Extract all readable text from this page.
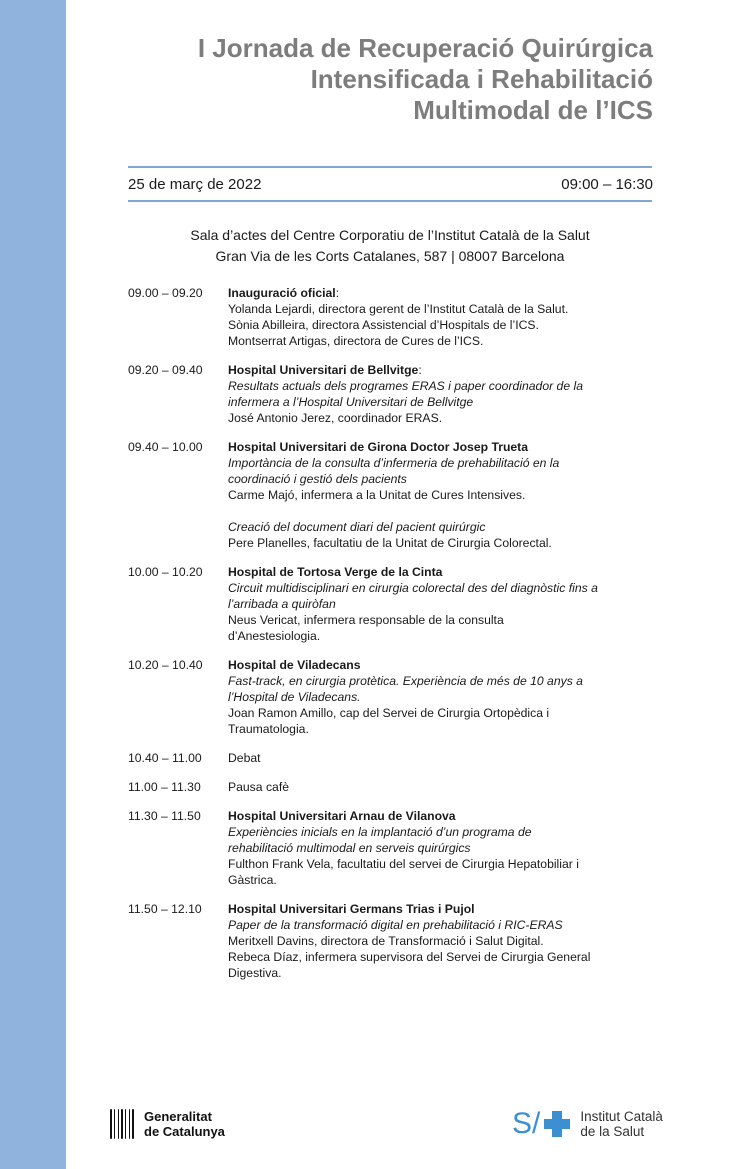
I Jornada de Recuperació Quirúrgica
Intensificada i Rehabilitació
Multimodal de l’ICS
25 de març de 2022	09:00 – 16:30
Sala d’actes del Centre Corporatiu de l’Institut Català de la Salut
Gran Via de les Corts Catalanes, 587 | 08007 Barcelona
09.00 – 09.20	Inauguració oficial:
Yolanda Lejardi, directora gerent de l’Institut Català de la Salut.
Sònia Abilleira, directora Assistencial d’Hospitals de l’ICS.
Montserrat Artigas, directora de Cures de l’ICS.
09.20 – 09.40	Hospital Universitari de Bellvitge:
Resultats actuals dels programes ERAS i paper coordinador de la
infermera a l’Hospital Universitari de Bellvitge
José Antonio Jerez, coordinador ERAS.
09.40 – 10.00	Hospital Universitari de Girona Doctor Josep Trueta
Importància de la consulta d’infermeria de prehabilitació en la
coordinació i gestió dels pacients
Carme Majó, infermera a la Unitat de Cures Intensives.
Creació del document diari del pacient quirúrgic
Pere Planelles, facultatiu de la Unitat de Cirurgia Colorectal.
10.00 – 10.20	Hospital de Tortosa Verge de la Cinta
Circuit multidisciplinari en cirurgia colorectal des del diagnòstic fins a
l’arribada a quiròfan
Neus Vericat, infermera responsable de la consulta
d’Anestesiologia.
10.20 – 10.40	Hospital de Viladecans
Fast-track, en cirurgia protètica. Experiència de més de 10 anys a
l’Hospital de Viladecans.
Joan Ramon Amillo, cap del Servei de Cirurgia Ortopèdica i
Traumatologia.
10.40 – 11.00	Debat
11.00 – 11.30	Pausa cafè
11.30 – 11.50	Hospital Universitari Arnau de Vilanova
Experiències inicials en la implantació d’un programa de
rehabilitació multimodal en serveis quirúrgics
Fulthon Frank Vela, facultatiu del servei de Cirurgia Hepatobiliar i
Gàstrica.
11.50 – 12.10	Hospital Universitari Germans Trias i Pujol
Paper de la transformació digital en prehabilitació i RIC-ERAS
Meritxell Davins, directora de Transformació i Salut Digital.
Rebeca Díaz, infermera supervisora del Servei de Cirurgia General
Digestiva.
Generalitat
de Catalunya	S/	Institut Català
de la Salut
